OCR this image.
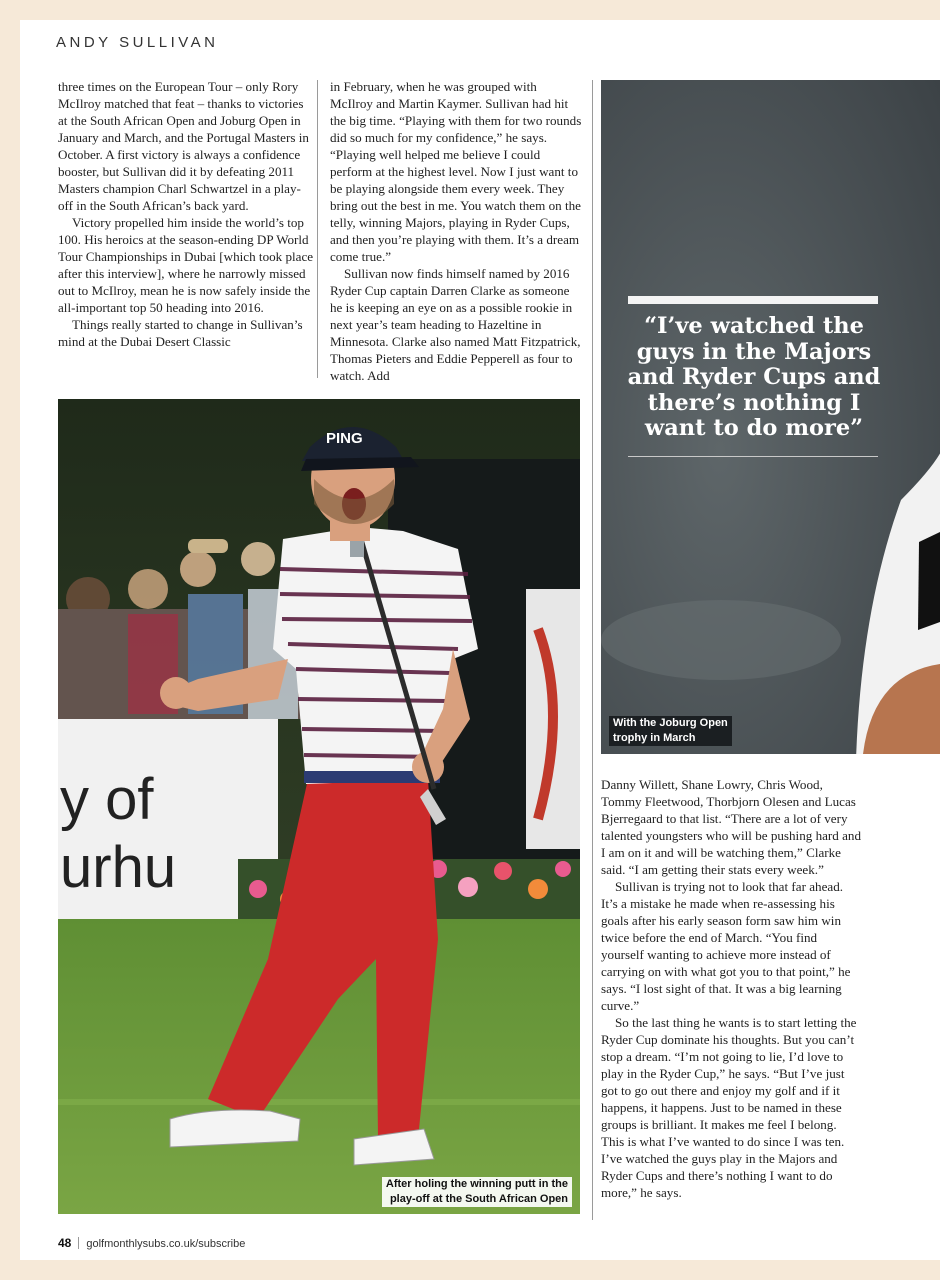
ANDY SULLIVAN

three times on the European Tour – only Rory McIlroy matched that feat – thanks to victories at the South African Open and Joburg Open in January and March, and the Portugal Masters in October. A first victory is always a confidence booster, but Sullivan did it by defeating 2011 Masters champion Charl Schwartzel in a play-off in the South African’s back yard.

Victory propelled him inside the world’s top 100. His heroics at the season-ending DP World Tour Championships in Dubai [which took place after this interview], where he narrowly missed out to McIlroy, mean he is now safely inside the all-important top 50 heading into 2016.

Things really started to change in Sullivan’s mind at the Dubai Desert Classic

in February, when he was grouped with McIlroy and Martin Kaymer. Sullivan had hit the big time. “Playing with them for two rounds did so much for my confidence,” he says. “Playing well helped me believe I could perform at the highest level. Now I just want to be playing alongside them every week. They bring out the best in me. You watch them on the telly, winning Majors, playing in Ryder Cups, and then you’re playing with them. It’s a dream come true.”

Sullivan now finds himself named by 2016 Ryder Cup captain Darren Clarke as someone he is keeping an eye on as a possible rookie in next year’s team heading to Hazeltine in Minnesota. Clarke also named Matt Fitzpatrick, Thomas Pieters and Eddie Pepperell as four to watch. Add

y of
urhu
PING
After holing the winning putt in the
play-off at the South African Open
“I’ve watched the
guys in the Majors
and Ryder Cups and
there’s nothing I
want to do more”
With the Joburg Open
trophy in March

Danny Willett, Shane Lowry, Chris Wood, Tommy Fleetwood, Thorbjorn Olesen and Lucas Bjerregaard to that list. “There are a lot of very talented youngsters who will be pushing hard and I am on it and will be watching them,” Clarke said. “I am getting their stats every week.”

Sullivan is trying not to look that far ahead. It’s a mistake he made when re-assessing his goals after his early season form saw him win twice before the end of March. “You find yourself wanting to achieve more instead of carrying on with what got you to that point,” he says. “I lost sight of that. It was a big learning curve.”

So the last thing he wants is to start letting the Ryder Cup dominate his thoughts. But you can’t stop a dream. “I’m not going to lie, I’d love to play in the Ryder Cup,” he says. “But I’ve just got to go out there and enjoy my golf and if it happens, it happens. Just to be named in these groups is brilliant. It makes me feel I belong. This is what I’ve wanted to do since I was ten. I’ve watched the guys play in the Majors and Ryder Cups and there’s nothing I want to do more,” he says.

48 golfmonthlysubs.co.uk/subscribe
